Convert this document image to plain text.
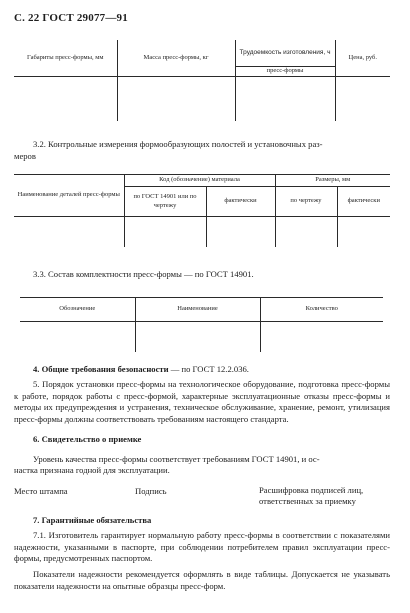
С. 22 ГОСТ 29077—91
Габариты пресс-формы, мм	Масса пресс-формы, кг	Трудоемкость изготовления, ч	Цена, руб.
		пресс-формы	

3.2. Контрольные измерения формообразующих полостей и установочных раз-
меров
Наименование деталей пресс-формы	Код (обозначение) материала		Размеры, мм	
	по ГОСТ 14901 или по чертежу	фактически	по чертежу	фактически

3.3. Состав комплектности пресс-формы — по ГОСТ 14901.
Обозначение	Наименование	Количество

4. Общие требования безопасности — по ГОСТ 12.2.036.
5. Порядок установки пресс-формы на технологическое оборудование, подготовка пресс-формы к работе, порядок работы с пресс-формой, характерные эксплуатационные отказы пресс-формы и методы их предупреждения и устранения, техническое обслуживание, хранение, ремонт, утилизация пресс-формы должны соответствовать требованиям настоящего стандарта.
6. Свидетельство о приемке
Уровень качества пресс-формы соответствует требованиям ГОСТ 14901, и ос-
настка признана годной для эксплуатации.
Место штампа	Подпись	Расшифровка подписей лиц,
ответственных за приемку
7. Гарантийные обязательства
7.1. Изготовитель гарантирует нормальную работу пресс-формы в соответствии с показателями надежности, указанными в паспорте, при соблюдении потребителем правил эксплуатации пресс-формы, предусмотренных паспортом.
Показатели надежности рекомендуется оформлять в виде таблицы. Допускается не указывать показатели надежности на опытные образцы пресс-форм.
